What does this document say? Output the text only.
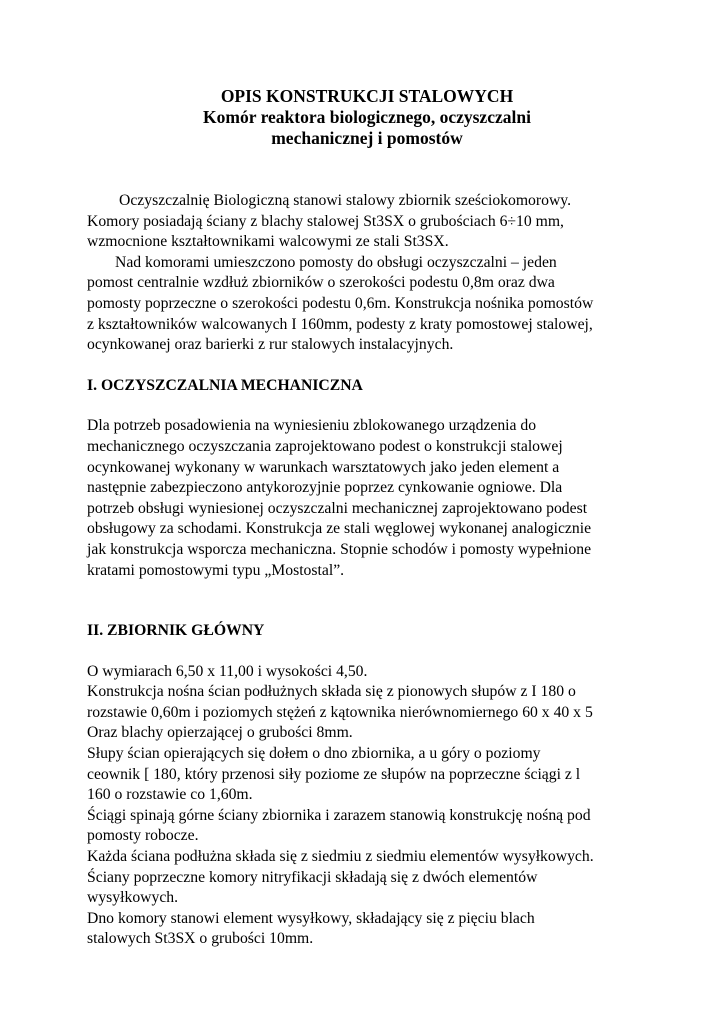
OPIS KONSTRUKCJI STALOWYCH
Komór reaktora biologicznego, oczyszczalni
mechanicznej i pomostów
Oczyszczalnię Biologiczną stanowi stalowy zbiornik sześciokomorowy.
Komory posiadają ściany z blachy stalowej St3SX o grubościach 6÷10 mm,
wzmocnione kształtownikami walcowymi ze stali St3SX.
Nad komorami umieszczono pomosty do obsługi oczyszczalni – jeden
pomost centralnie wzdłuż zbiorników o szerokości podestu 0,8m oraz dwa
pomosty poprzeczne o szerokości podestu 0,6m. Konstrukcja nośnika pomostów
z kształtowników walcowanych I 160mm, podesty z kraty pomostowej stalowej,
ocynkowanej oraz barierki z rur stalowych instalacyjnych.
I. OCZYSZCZALNIA MECHANICZNA
Dla potrzeb posadowienia na wyniesieniu zblokowanego urządzenia do
mechanicznego oczyszczania zaprojektowano podest o konstrukcji stalowej
ocynkowanej wykonany w warunkach warsztatowych jako jeden element a
następnie zabezpieczono antykorozyjnie poprzez cynkowanie ogniowe. Dla
potrzeb obsługi wyniesionej oczyszczalni mechanicznej zaprojektowano podest
obsługowy za schodami. Konstrukcja ze stali węglowej wykonanej analogicznie
jak konstrukcja wsporcza mechaniczna. Stopnie schodów i pomosty wypełnione
kratami pomostowymi typu „Mostostal”.
II. ZBIORNIK GŁÓWNY
O wymiarach 6,50 x 11,00 i wysokości 4,50.
Konstrukcja nośna ścian podłużnych składa się z pionowych słupów z I 180 o
rozstawie 0,60m i poziomych stężeń z kątownika nierównomiernego 60 x 40 x 5
Oraz blachy opierzającej o grubości 8mm.
Słupy ścian opierających się dołem o dno zbiornika, a u góry o poziomy
ceownik [ 180, który przenosi siły poziome ze słupów na poprzeczne ściągi z l
160 o rozstawie co 1,60m.
Ściągi spinają górne ściany zbiornika i zarazem stanowią konstrukcję nośną pod
pomosty robocze.
Każda ściana podłużna składa się z siedmiu z siedmiu elementów wysyłkowych.
Ściany poprzeczne komory nitryfikacji składają się z dwóch elementów
wysyłkowych.
Dno komory stanowi element wysyłkowy, składający się z pięciu blach
stalowych St3SX o grubości 10mm.
